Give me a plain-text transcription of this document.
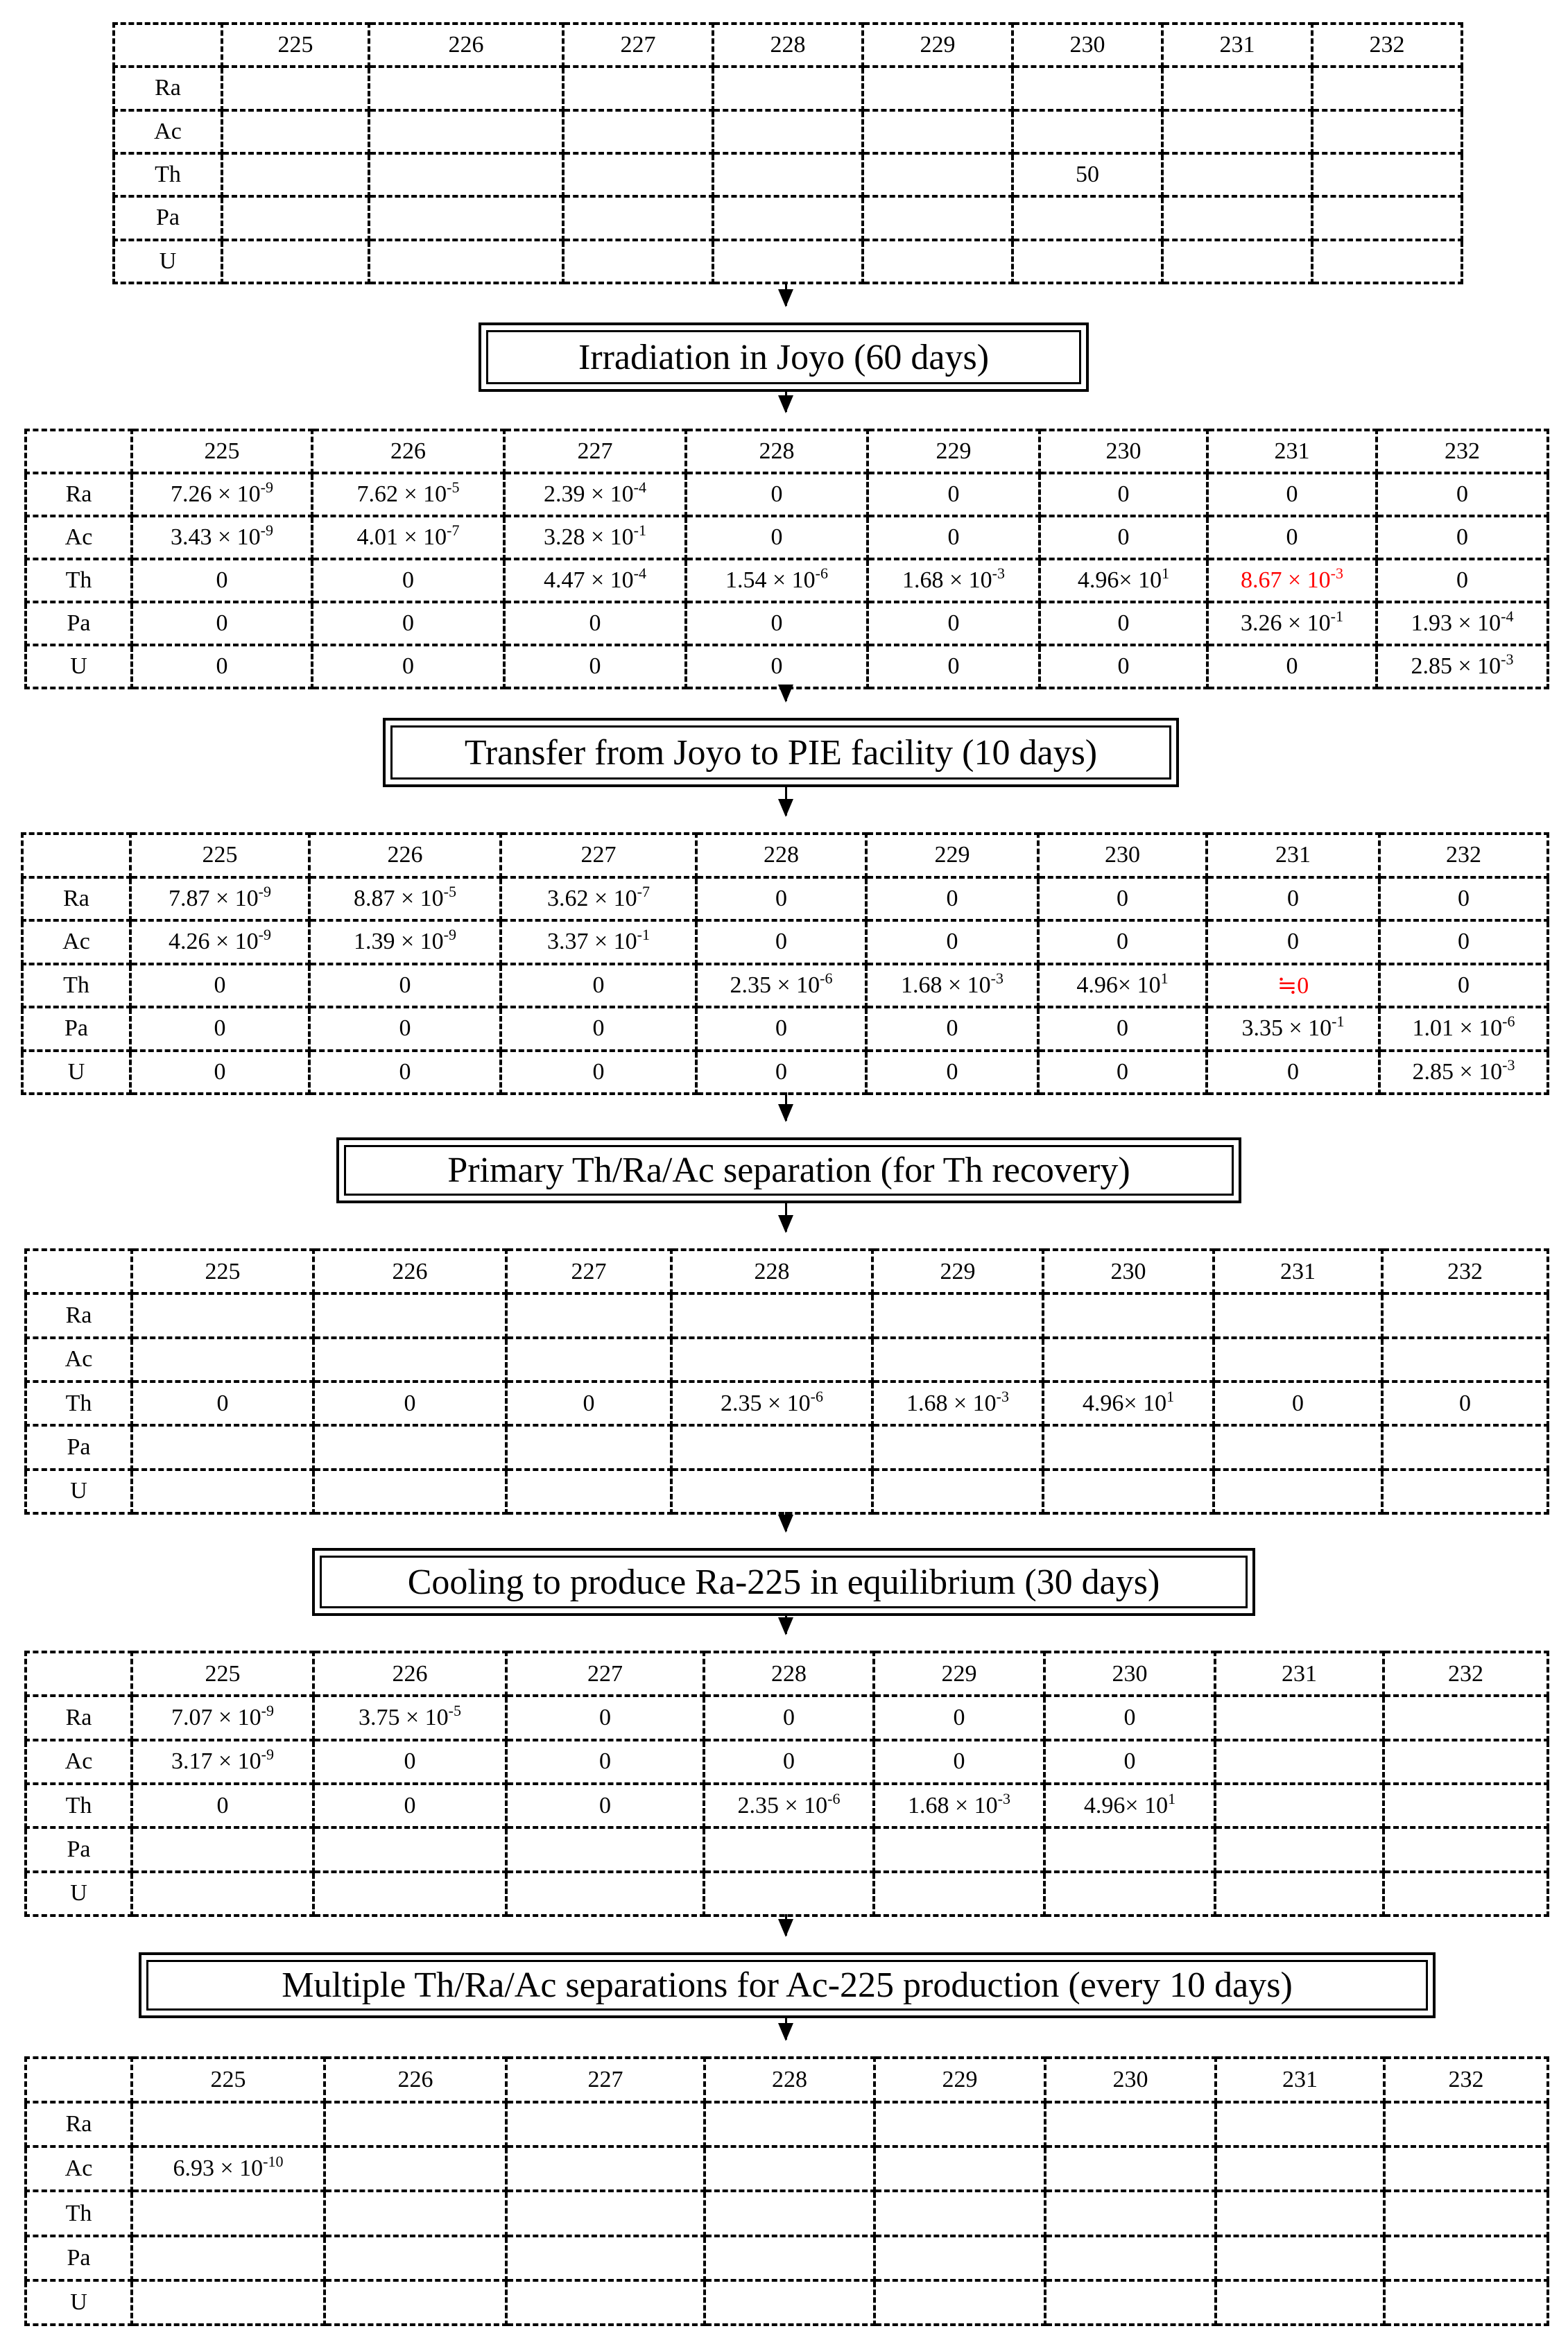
	225	226	227	228	229	230	231	232
Ra								
Ac								
Th						50		
Pa								
U								
	225	226	227	228	229	230	231	232
Ra	$7.26 \times 10^{-9}$	$7.62 \times 10^{-5}$	$2.39 \times 10^{-4}$	0	0	0	0	0
Ac	$3.43 \times 10^{-9}$	$4.01 \times 10^{-7}$	$3.28 \times 10^{-1}$	0	0	0	0	0
Th	0	0	$4.47 \times 10^{-4}$	$1.54 \times 10^{-6}$	$1.68 \times 10^{-3}$	$4.96\times 10^1$	$8.67 \times 10^{-3}$	0
Pa	0	0	0	0	0	0	$3.26 \times 10^{-1}$	$1.93 \times 10^{-4}$
U	0	0	0	0	0	0	0	$2.85 \times 10^{-3}$
	225	226	227	228	229	230	231	232
Ra	$7.87 \times 10^{-9}$	$8.87 \times 10^{-5}$	$3.62 \times 10^{-7}$	0	0	0	0	0
Ac	$4.26 \times 10^{-9}$	$1.39 \times 10^{-9}$	$3.37 \times 10^{-1}$	0	0	0	0	0
Th	0	0	0	$2.35 \times 10^{-6}$	$1.68 \times 10^{-3}$	$4.96\times 10^1$	≒0	0
Pa	0	0	0	0	0	0	$3.35 \times 10^{-1}$	$1.01 \times 10^{-6}$
U	0	0	0	0	0	0	0	$2.85 \times 10^{-3}$
	225	226	227	228	229	230	231	232
Ra								
Ac								
Th	0	0	0	$2.35 \times 10^{-6}$	$1.68 \times 10^{-3}$	$4.96\times 10^1$	0	0
Pa								
U								
	225	226	227	228	229	230	231	232
Ra	$7.07 \times 10^{-9}$	$3.75 \times 10^{-5}$	0	0	0	0		
Ac	$3.17 \times 10^{-9}$	0	0	0	0	0		
Th	0	0	0	$2.35 \times 10^{-6}$	$1.68 \times 10^{-3}$	$4.96\times 10^1$		
Pa								
U								
	225	226	227	228	229	230	231	232
Ra								
Ac	$6.93 \times 10^{-10}$							
Th								
Pa								
U								
Irradiation in Joyo (60 days)
Transfer from Joyo to PIE facility (10 days)
Primary Th/Ra/Ac separation (for Th recovery)
Cooling to produce Ra-225 in equilibrium (30 days)
Multiple Th/Ra/Ac separations for Ac-225 production (every 10 days)
